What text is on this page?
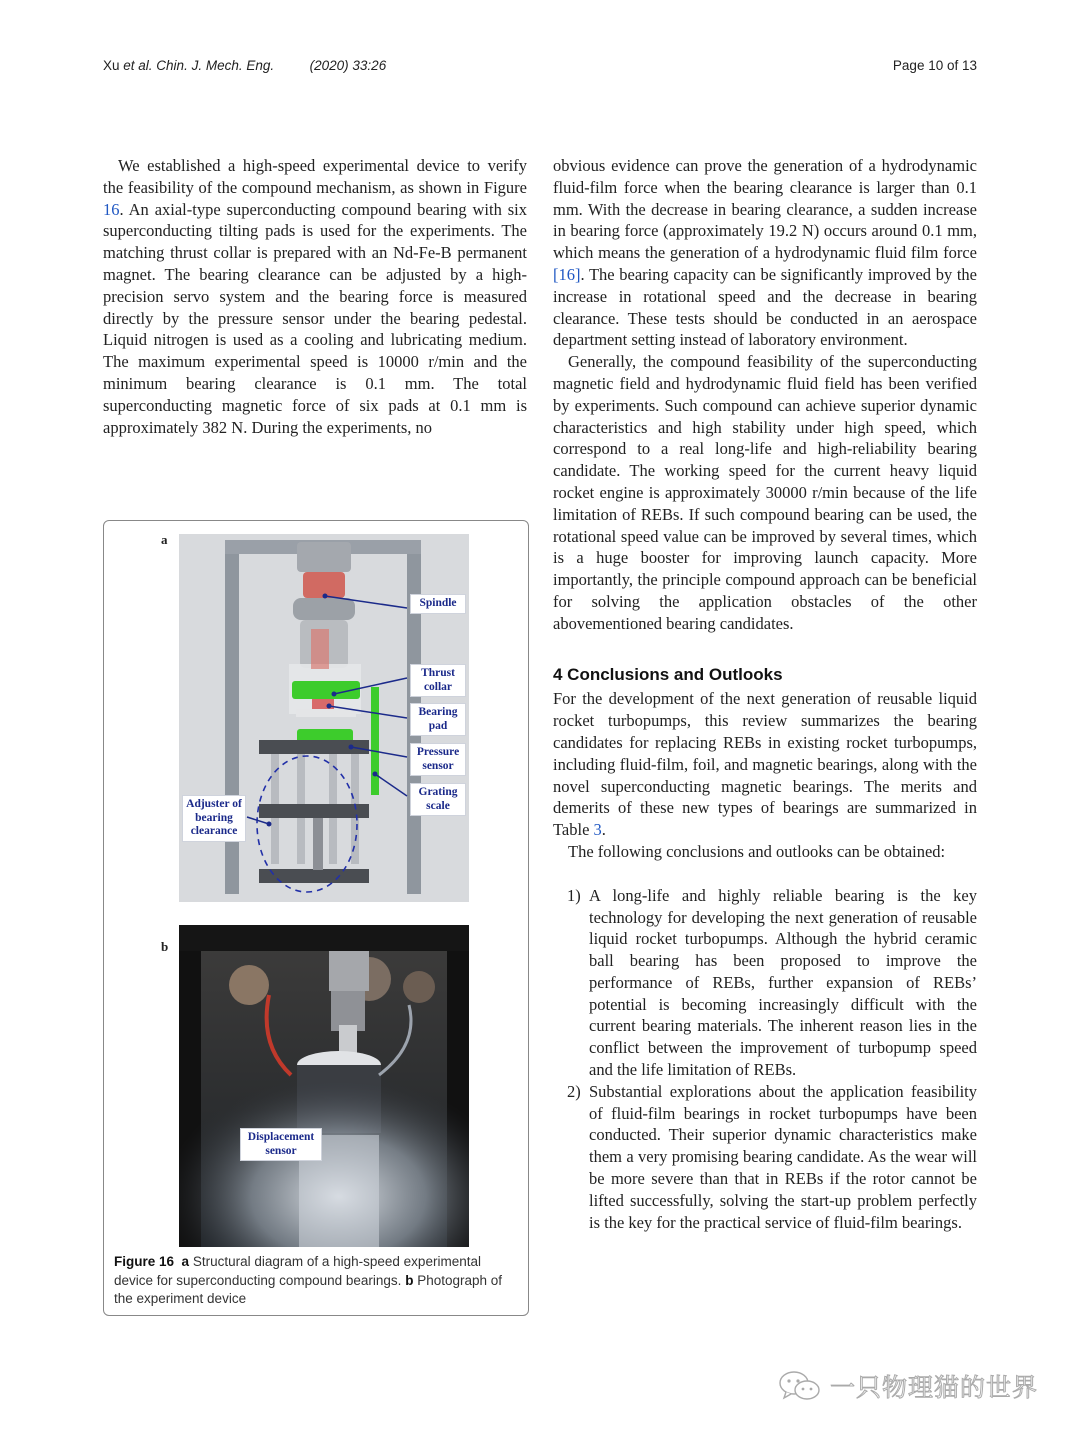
Xu et al. Chin. J. Mech. Eng.	(2020) 33:26	Page 10 of 13

We established a high-speed experimental device to verify the feasibility of the compound mechanism, as shown in Figure 16. An axial-type superconducting compound bearing with six superconducting tilting pads is used for the experiments. The matching thrust collar is prepared with an Nd-Fe-B permanent magnet. The bearing clearance can be adjusted by a high-precision servo system and the bearing force is measured directly by the pressure sensor under the bearing pedestal. Liquid nitrogen is used as a cooling and lubricating medium. The maximum experimental speed is 10000 r/min and the minimum bearing clearance is 0.1 mm. The total superconducting magnetic force of six pads at 0.1 mm is approximately 382 N. During the experiments, no

a
b
Spindle
Thrust collar
Bearing pad
Pressure sensor
Grating scale
Adjuster of bearing clearance
Displacement sensor
Figure 16 a Structural diagram of a high-speed experimental device for superconducting compound bearings. b Photograph of the experiment device

obvious evidence can prove the generation of a hydrodynamic fluid-film force when the bearing clearance is larger than 0.1 mm. With the decrease in bearing clearance, a sudden increase in bearing force (approximately 19.2 N) occurs around 0.1 mm, which means the generation of a hydrodynamic fluid film force [16]. The bearing capacity can be significantly improved by the increase in rotational speed and the decrease in bearing clearance. These tests should be conducted in an aerospace department setting instead of laboratory environment.

Generally, the compound feasibility of the superconducting magnetic field and hydrodynamic fluid field has been verified by experiments. Such compound can achieve superior dynamic characteristics and high stability under high speed, which correspond to a real long-life and high-reliability bearing candidate. The working speed for the current heavy liquid rocket engine is approximately 30000 r/min because of the life limitation of REBs. If such compound bearing can be used, the rotational speed value can be improved by several times, which is a huge booster for improving launch capacity. More importantly, the principle compound approach can be beneficial for solving the application obstacles of the other abovementioned bearing candidates.

4 Conclusions and Outlooks

For the development of the next generation of reusable liquid rocket turbopumps, this review summarizes the bearing candidates for replacing REBs in existing rocket turbopumps, including fluid-film, foil, and magnetic bearings, along with the novel superconducting magnetic bearings. The merits and demerits of these new types of bearings are summarized in Table 3.

The following conclusions and outlooks can be obtained:

1) A long-life and highly reliable bearing is the key technology for developing the next generation of reusable liquid rocket turbopumps. Although the hybrid ceramic ball bearing has been proposed to improve the performance of REBs, further expansion of REBs’ potential is becoming increasingly difficult with the current bearing materials. The inherent reason lies in the conflict between the improvement of turbopump speed and the life limitation of REBs.
2) Substantial explorations about the application feasibility of fluid-film bearings in rocket turbopumps have been conducted. Their superior dynamic characteristics make them a very promising bearing candidate. As the wear will be more severe than that in REBs if the rotor cannot be lifted successfully, solving the start-up problem perfectly is the key for the practical service of fluid-film bearings.
一只物理猫的世界
